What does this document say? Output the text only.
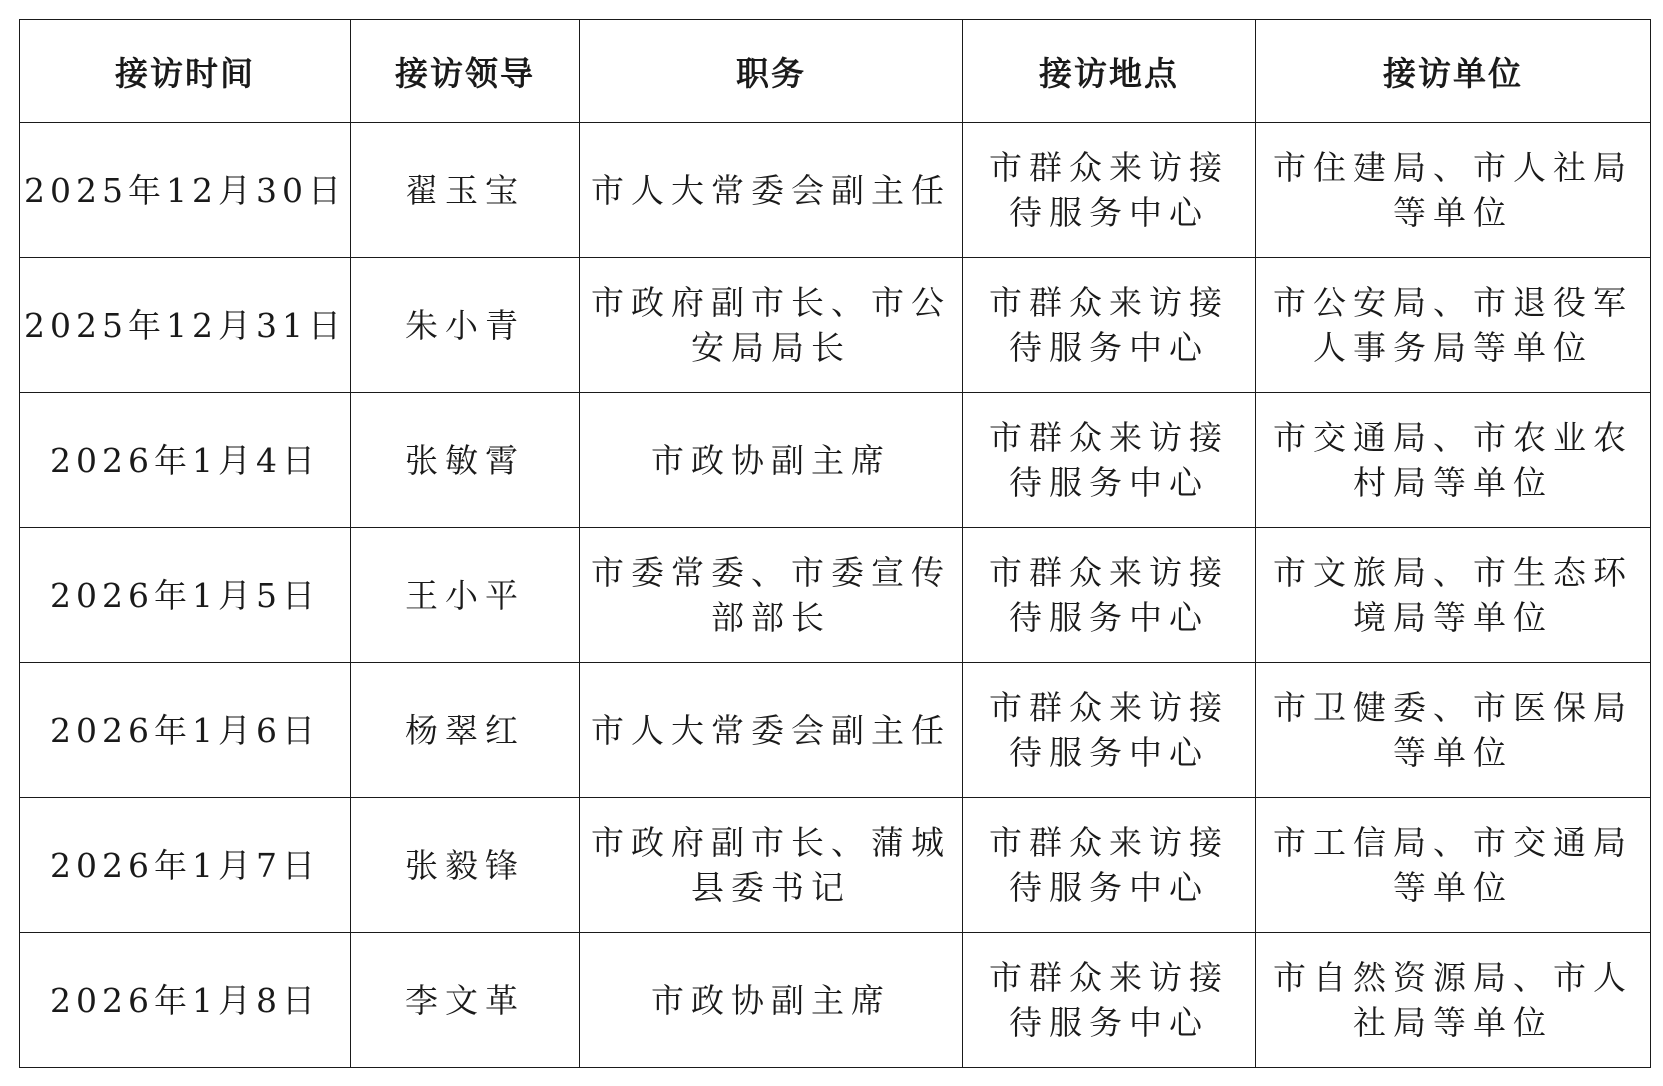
接访时间	接访领导	职务	接访地点	接访单位
2025年12月30日	翟玉宝	市人大常委会副主任	市群众来访接待服务中心	市住建局、市人社局等单位
2025年12月31日	朱小青	市政府副市长、市公安局局长	市群众来访接待服务中心	市公安局、市退役军人事务局等单位
2026年1月4日	张敏霄	市政协副主席	市群众来访接待服务中心	市交通局、市农业农村局等单位
2026年1月5日	王小平	市委常委、市委宣传部部长	市群众来访接待服务中心	市文旅局、市生态环境局等单位
2026年1月6日	杨翠红	市人大常委会副主任	市群众来访接待服务中心	市卫健委、市医保局等单位
2026年1月7日	张毅锋	市政府副市长、蒲城县委书记	市群众来访接待服务中心	市工信局、市交通局等单位
2026年1月8日	李文革	市政协副主席	市群众来访接待服务中心	市自然资源局、市人社局等单位
